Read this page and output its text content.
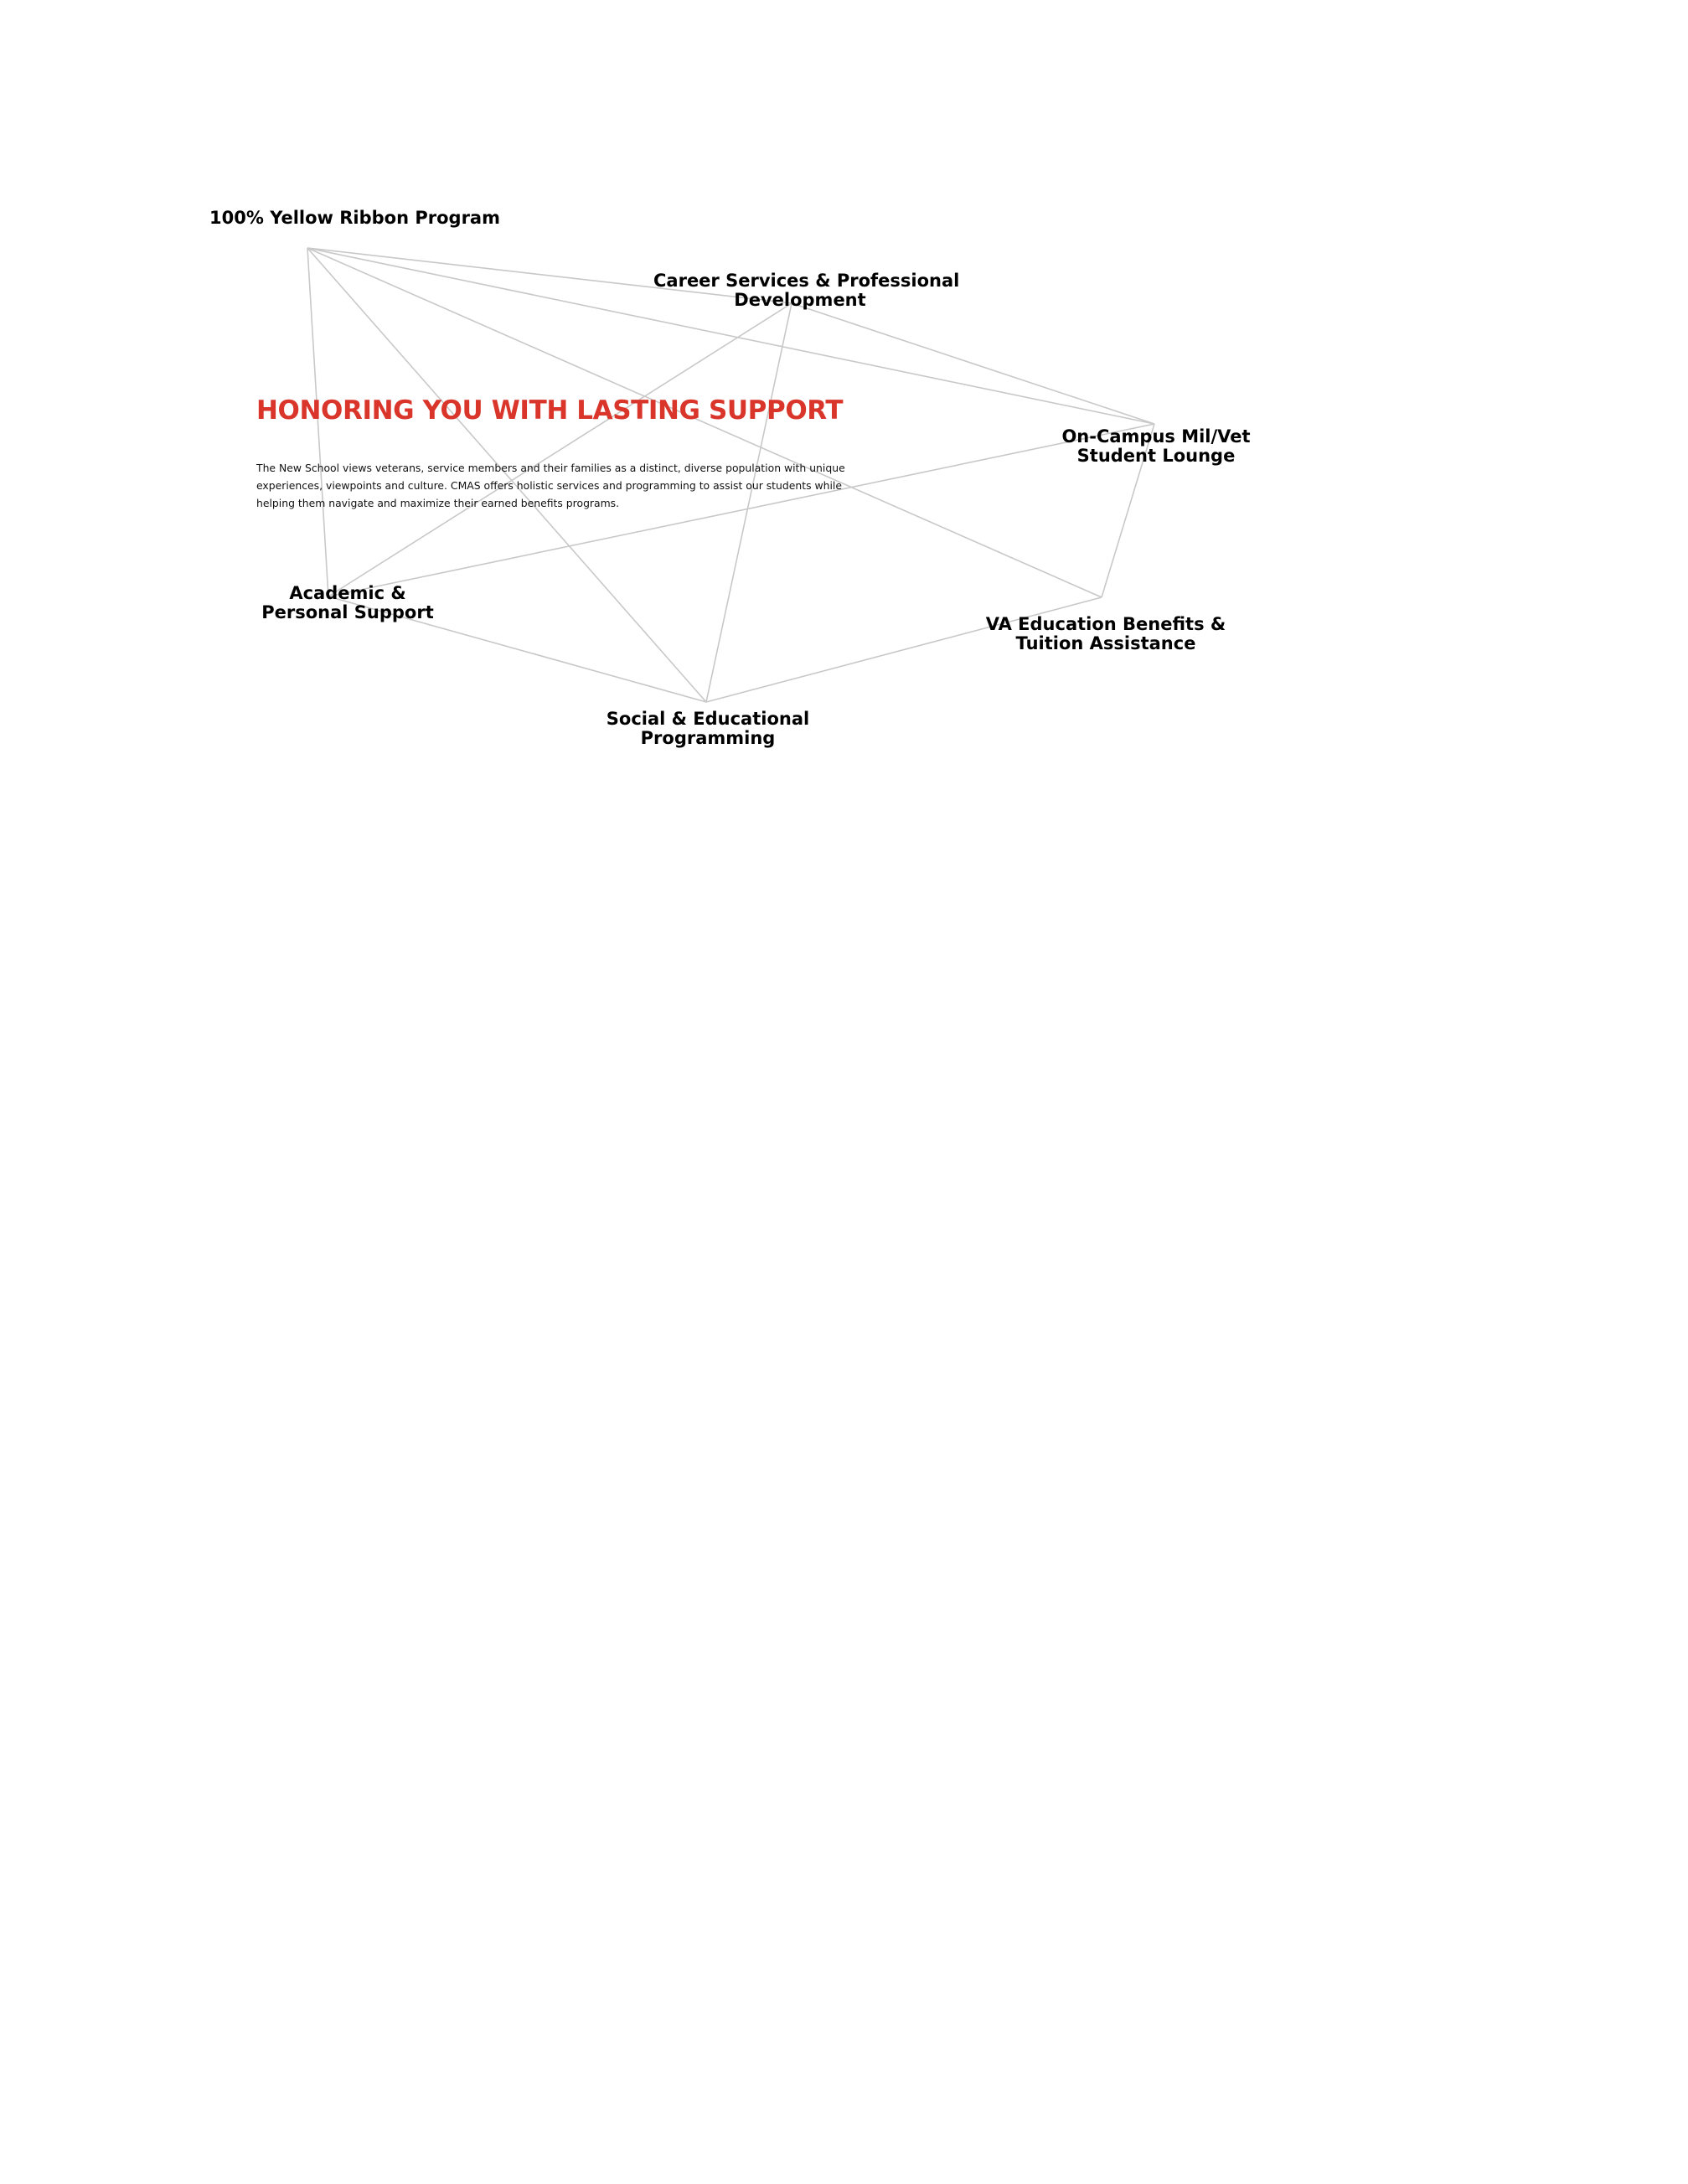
100% Yellow Ribbon Program
Career Services & Professional
Development
On-Campus Mil/Vet
Student Lounge
Academic &
Personal Support
VA Education Benefits &
Tuition Assistance
Social & Educational
Programming
HONORING YOU WITH LASTING SUPPORT
The New School views veterans, service members and their families as a distinct, diverse population with unique
experiences, viewpoints and culture. CMAS offers holistic services and programming to assist our students while
helping them navigate and maximize their earned benefits programs.
